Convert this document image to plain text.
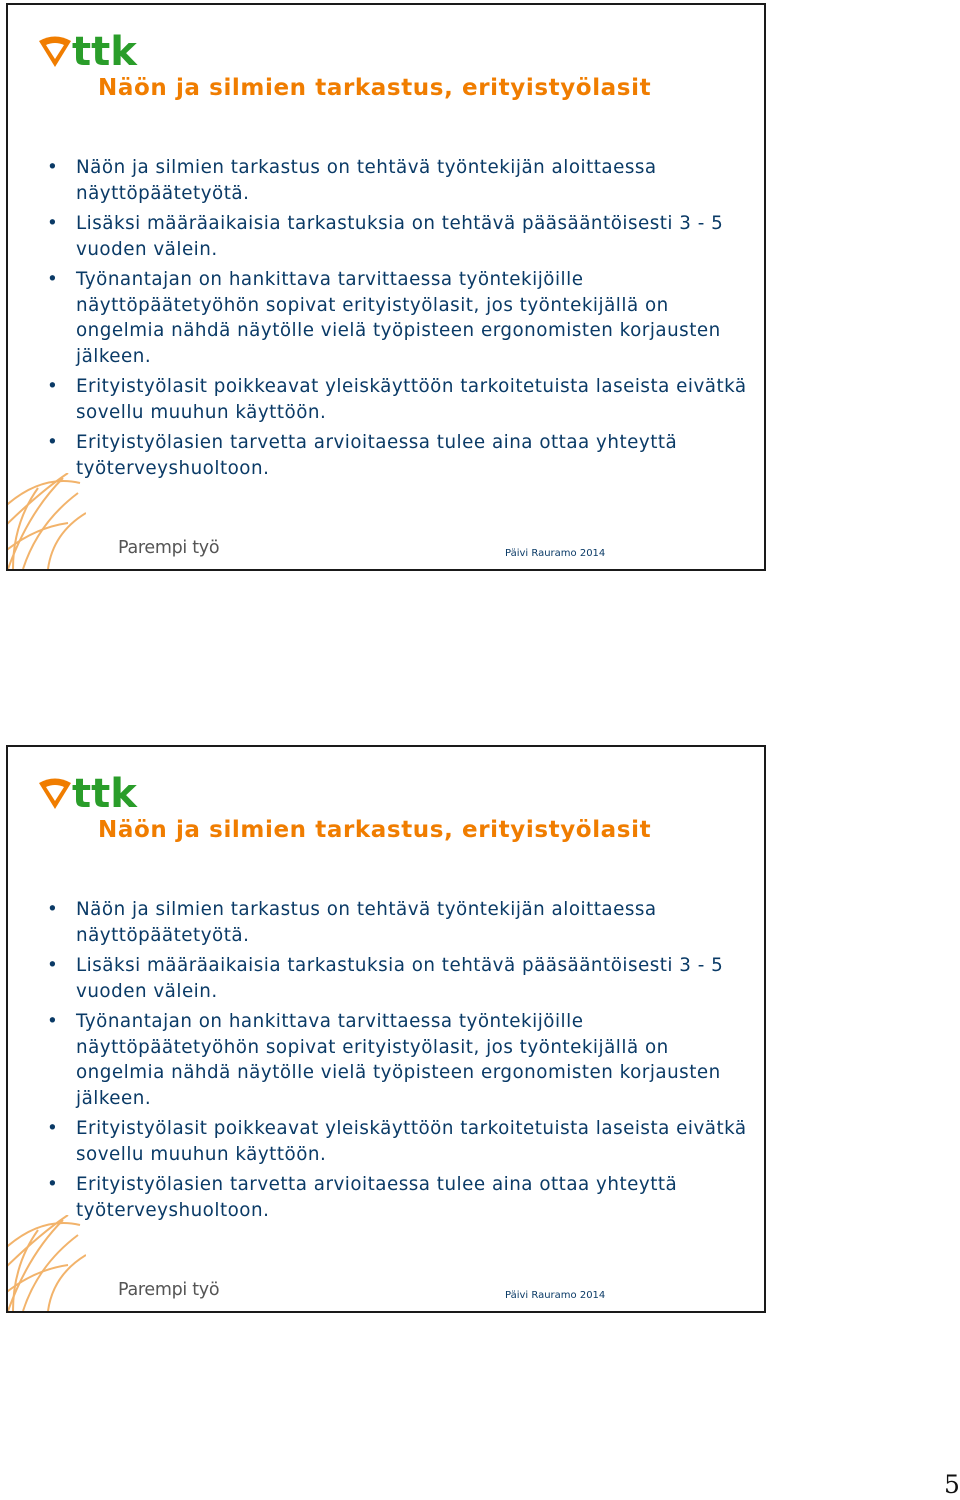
ttk
Näön ja silmien tarkastus, erityistyölasit
• Näön ja silmien tarkastus on tehtävä työntekijän aloittaessa näyttöpäätetyötä.
• Lisäksi määräaikaisia tarkastuksia on tehtävä pääsääntöisesti 3 - 5 vuoden välein.
• Työnantajan on hankittava tarvittaessa työntekijöille näyttöpäätetyöhön sopivat erityistyölasit, jos työntekijällä on ongelmia nähdä näytölle vielä työpisteen ergonomisten korjausten jälkeen.
• Erityistyölasit poikkeavat yleiskäyttöön tarkoitetuista laseista eivätkä sovellu muuhun käyttöön.
• Erityistyölasien tarvetta arvioitaessa tulee aina ottaa yhteyttä työterveyshuoltoon.
Parempi työ	Päivi Rauramo 2014
ttk
Näön ja silmien tarkastus, erityistyölasit
• Näön ja silmien tarkastus on tehtävä työntekijän aloittaessa näyttöpäätetyötä.
• Lisäksi määräaikaisia tarkastuksia on tehtävä pääsääntöisesti 3 - 5 vuoden välein.
• Työnantajan on hankittava tarvittaessa työntekijöille näyttöpäätetyöhön sopivat erityistyölasit, jos työntekijällä on ongelmia nähdä näytölle vielä työpisteen ergonomisten korjausten jälkeen.
• Erityistyölasit poikkeavat yleiskäyttöön tarkoitetuista laseista eivätkä sovellu muuhun käyttöön.
• Erityistyölasien tarvetta arvioitaessa tulee aina ottaa yhteyttä työterveyshuoltoon.
Parempi työ	Päivi Rauramo 2014
5
